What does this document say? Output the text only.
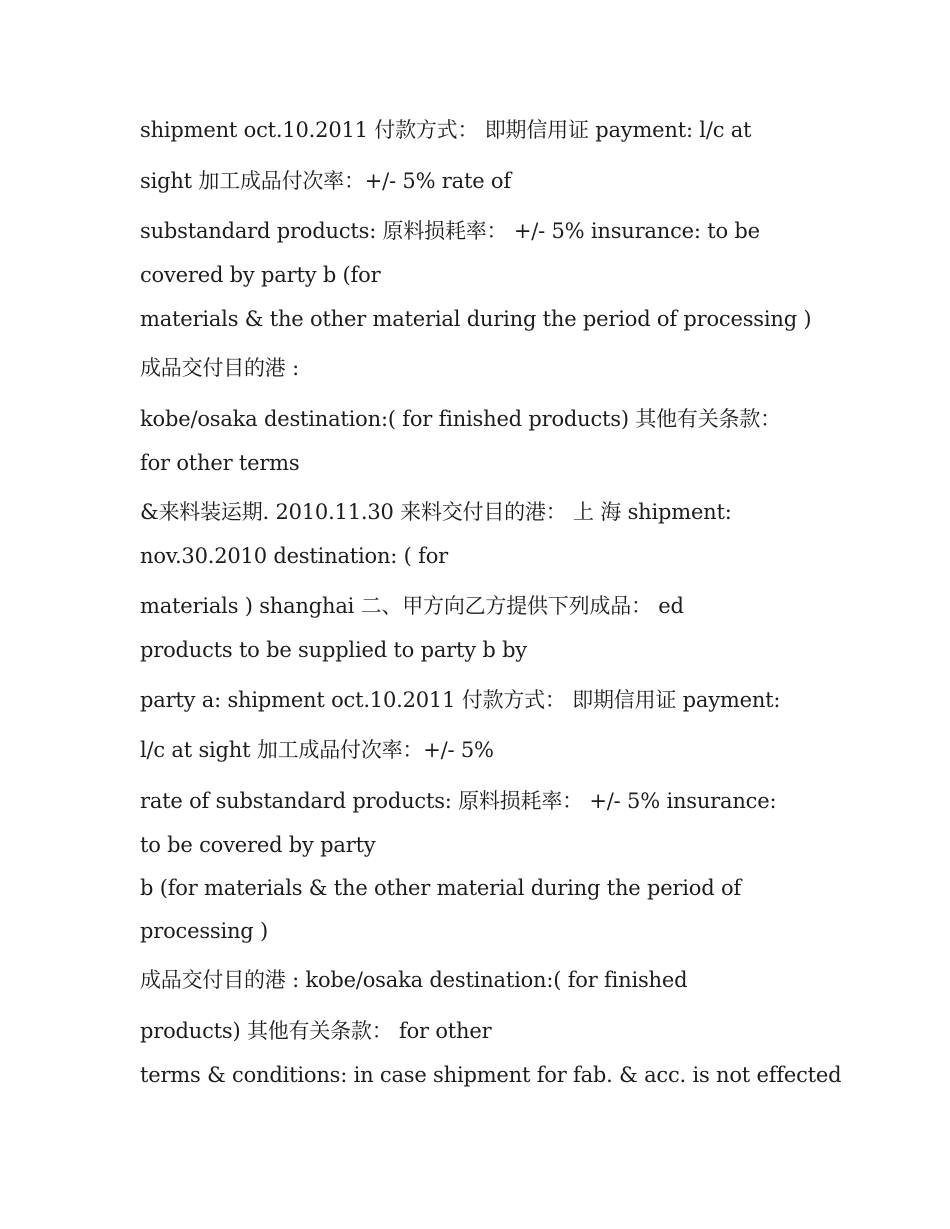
shipment oct.10.2011 付款方式： 即期信用证 payment: l/c at

sight 加工成品付次率：+/- 5% rate of

substandard products: 原料损耗率： +/- 5% insurance: to be

covered by party b (for

materials & the other material during the period of processing )

成品交付目的港 :

kobe/osaka destination:( for finished products) 其他有关条款：

for other terms

&来料装运期. 2010.11.30 来料交付目的港： 上 海 shipment:

nov.30.2010 destination: ( for

materials ) shanghai 二、甲方向乙方提供下列成品： ed

products to be supplied to party b by

party a: shipment oct.10.2011 付款方式： 即期信用证 payment:

l/c at sight 加工成品付次率：+/- 5%

rate of substandard products: 原料损耗率： +/- 5% insurance:

to be covered by party

b (for materials & the other material during the period of

processing )

成品交付目的港 : kobe/osaka destination:( for finished

products) 其他有关条款： for other

terms & conditions: in case shipment for fab. & acc. is not effected
